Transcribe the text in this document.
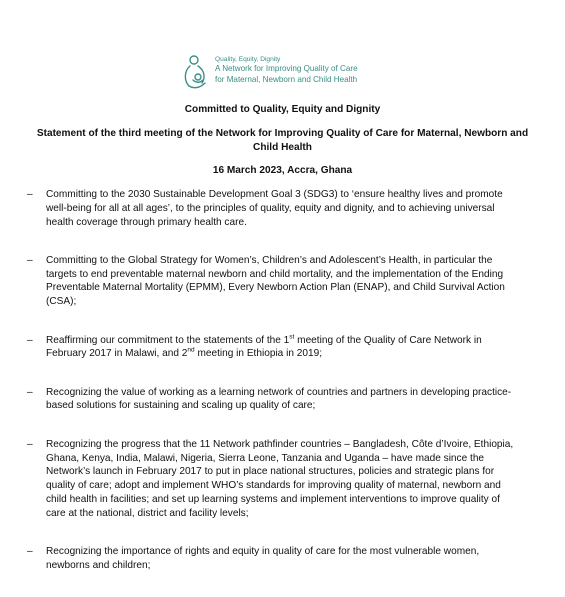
Quality, Equity, Dignity
A Network for Improving Quality of Care
for Maternal, Newborn and Child Health
Committed to Quality, Equity and Dignity
Statement of the third meeting of the Network for Improving Quality of Care for Maternal, Newborn and Child Health
16 March 2023, Accra, Ghana
– Committing to the 2030 Sustainable Development Goal 3 (SDG3) to ‘ensure healthy lives and promote well-being for all at all ages’, to the principles of quality, equity and dignity, and to achieving universal health coverage through primary health care.
– Committing to the Global Strategy for Women’s, Children’s and Adolescent’s Health, in particular the targets to end preventable maternal newborn and child mortality, and the implementation of the Ending Preventable Maternal Mortality (EPMM), Every Newborn Action Plan (ENAP), and Child Survival Action (CSA);
– Reaffirming our commitment to the statements of the 1st meeting of the Quality of Care Network in February 2017 in Malawi, and 2nd meeting in Ethiopia in 2019;
– Recognizing the value of working as a learning network of countries and partners in developing practice-based solutions for sustaining and scaling up quality of care;
– Recognizing the progress that the 11 Network pathfinder countries – Bangladesh, Côte d’Ivoire, Ethiopia, Ghana, Kenya, India, Malawi, Nigeria, Sierra Leone, Tanzania and Uganda – have made since the Network’s launch in February 2017 to put in place national structures, policies and strategic plans for quality of care; adopt and implement WHO’s standards for improving quality of maternal, newborn and child health in facilities; and set up learning systems and implement interventions to improve quality of care at the national, district and facility levels;
– Recognizing the importance of rights and equity in quality of care for the most vulnerable women, newborns and children;
